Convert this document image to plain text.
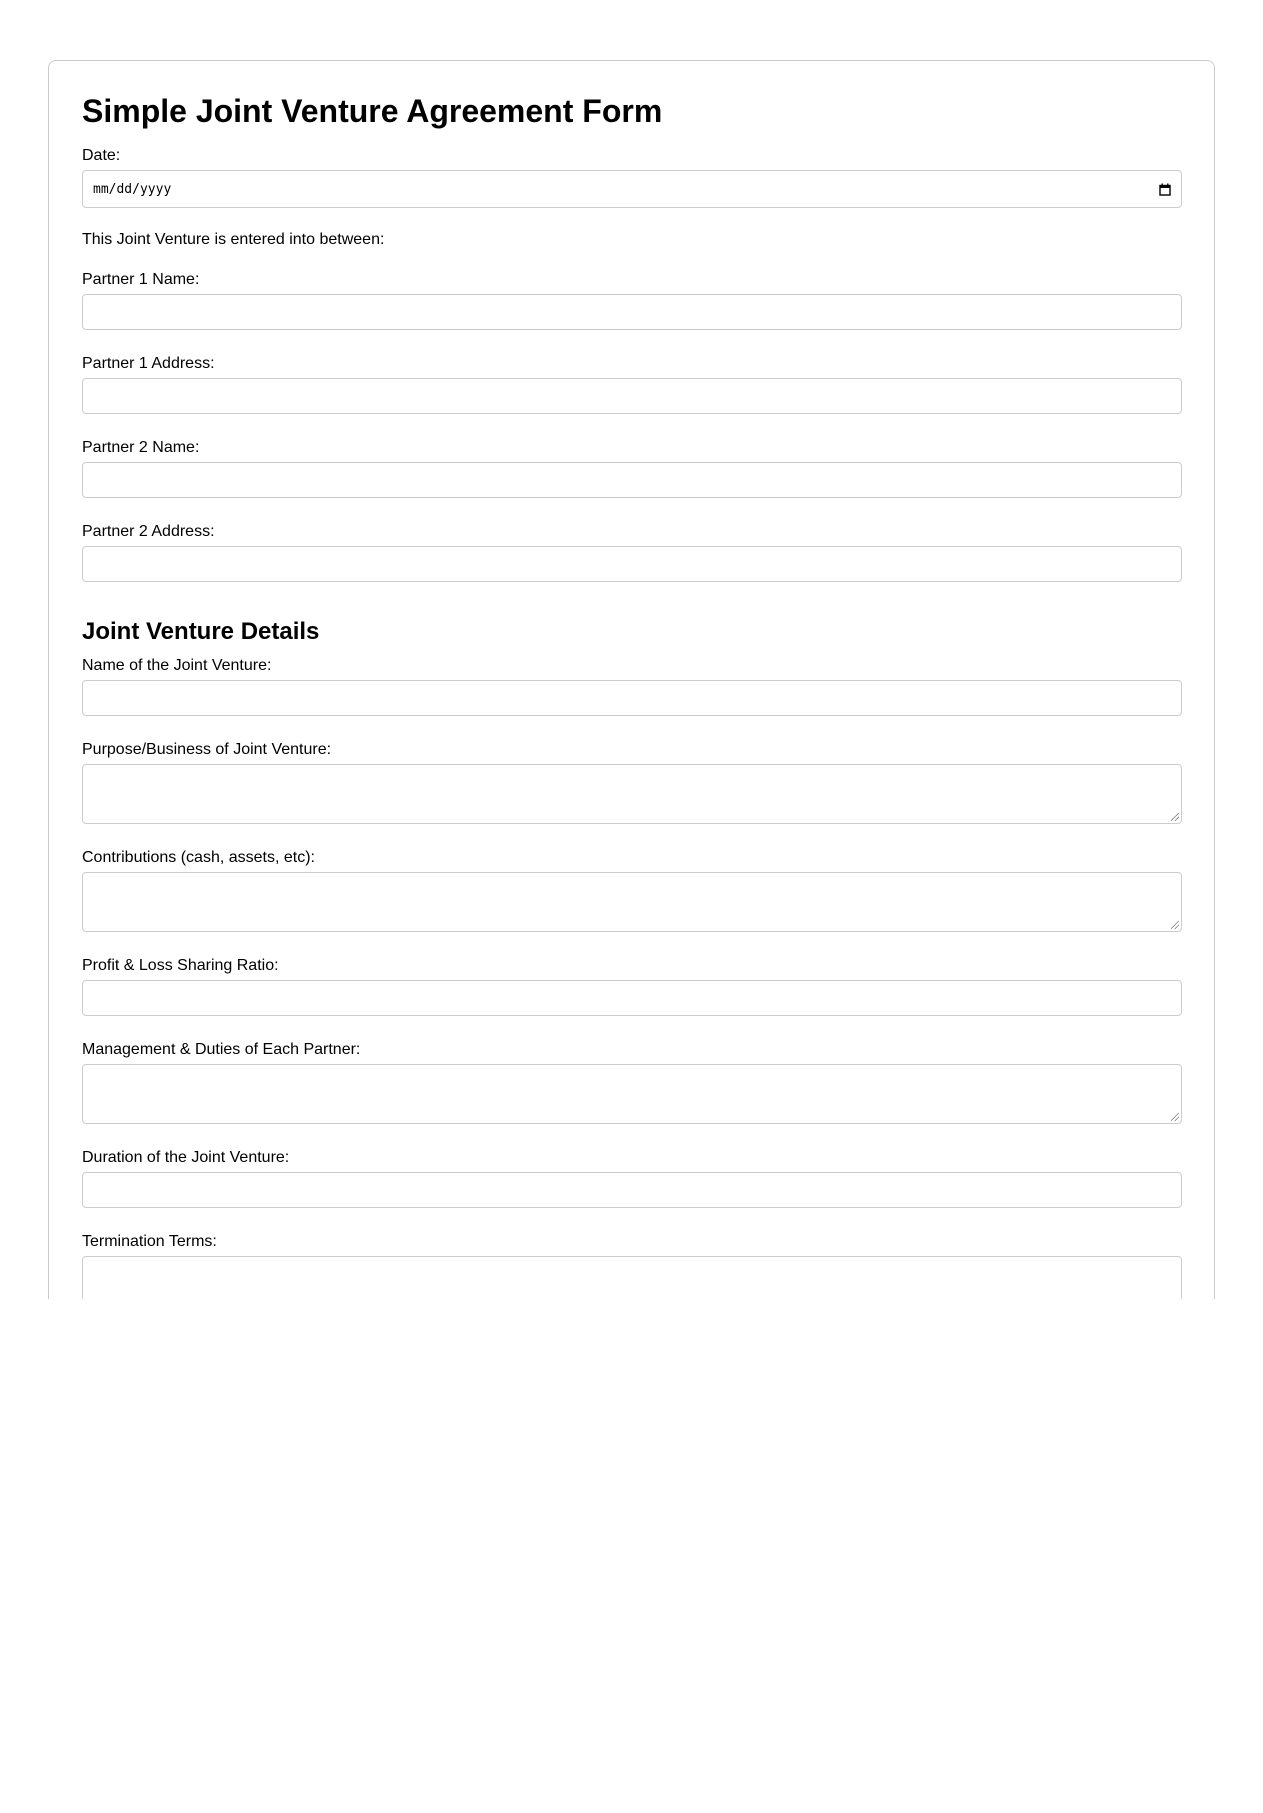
Simple Joint Venture Agreement Form
Date:
mm/dd/yyyy
This Joint Venture is entered into between:
Partner 1 Name:
Partner 1 Address:
Partner 2 Name:
Partner 2 Address:
Joint Venture Details
Name of the Joint Venture:
Purpose/Business of Joint Venture:
Contributions (cash, assets, etc):
Profit & Loss Sharing Ratio:
Management & Duties of Each Partner:
Duration of the Joint Venture:
Termination Terms:
